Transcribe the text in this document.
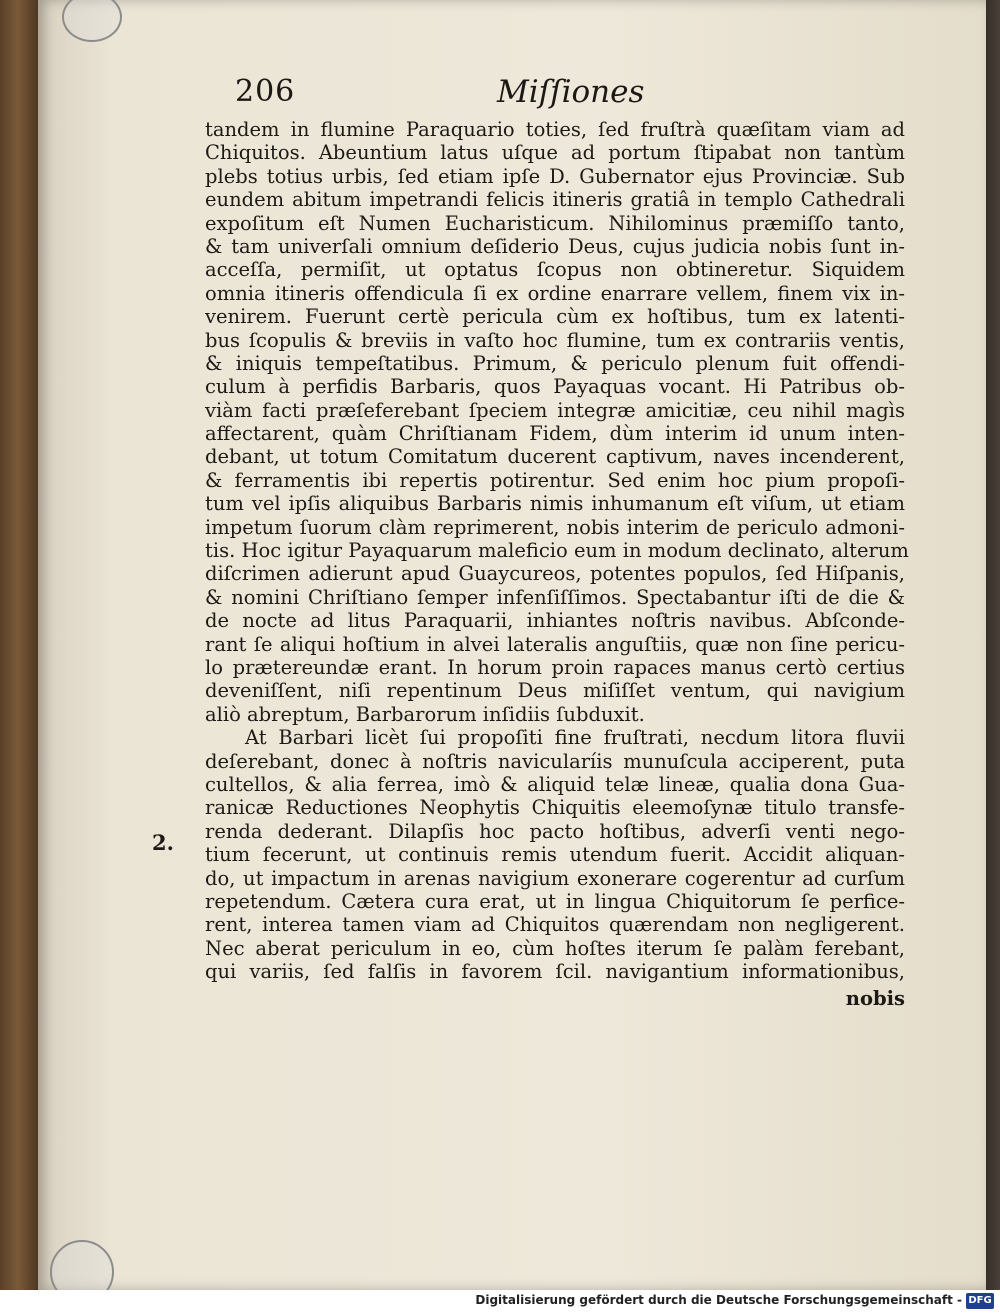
206	Miſſiones
2.
tandem in flumine Paraquario toties, ſed fruſtrà quæſitam viam ad
Chiquitos. Abeuntium latus uſque ad portum ſtipabat non tantùm
plebs totius urbis, ſed etiam ipſe D. Gubernator ejus Provinciæ. Sub
eundem abitum impetrandi felicis itineris gratiâ in templo Cathedrali
expoſitum eſt Numen Eucharisticum. Nihilominus præmiſſo tanto,
& tam univerſali omnium deſiderio Deus, cujus judicia nobis ſunt in-
acceſſa, permiſit, ut optatus ſcopus non obtineretur. Siquidem
omnia itineris offendicula ſi ex ordine enarrare vellem, finem vix in-
venirem. Fuerunt certè pericula cùm ex hoſtibus, tum ex latenti-
bus ſcopulis & breviis in vaſto hoc flumine, tum ex contrariis ventis,
& iniquis tempeſtatibus. Primum, & periculo plenum fuit offendi-
culum à perfidis Barbaris, quos Payaquas vocant. Hi Patribus ob-
viàm facti præſeferebant ſpeciem integræ amicitiæ, ceu nihil magìs
affectarent, quàm Chriſtianam Fidem, dùm interim id unum inten-
debant, ut totum Comitatum ducerent captivum, naves incenderent,
& ferramentis ibi repertis potirentur. Sed enim hoc pium propoſi-
tum vel ipſis aliquibus Barbaris nimis inhumanum eſt viſum, ut etiam
impetum ſuorum clàm reprimerent, nobis interim de periculo admoni-
tis. Hoc igitur Payaquarum maleficio eum in modum declinato, alterum
diſcrimen adierunt apud Guaycureos, potentes populos, ſed Hiſpanis,
& nomini Chriſtiano ſemper infenſiſſimos. Spectabantur iſti de die &
de nocte ad litus Paraquarii, inhiantes noſtris navibus. Abſconde-
rant ſe aliqui hoſtium in alvei lateralis anguſtiis, quæ non ſine pericu-
lo prætereundæ erant. In horum proin rapaces manus certò certius
deveniſſent, niſi repentinum Deus miſiſſet ventum, qui navigium
aliò abreptum, Barbarorum inſidiis ſubduxit.
At Barbari licèt ſui propoſiti fine fruſtrati, necdum litora fluvii
deſerebant, donec à noſtris navicularíis munuſcula acciperent, puta
cultellos, & alia ferrea, imò & aliquid telæ lineæ, qualia dona Gua-
ranicæ Reductiones Neophytis Chiquitis eleemoſynæ titulo transfe-
renda dederant. Dilapſis hoc pacto hoſtibus, adverſi venti nego-
tium fecerunt, ut continuis remis utendum fuerit. Accidit aliquan-
do, ut impactum in arenas navigium exonerare cogerentur ad curſum
repetendum. Cætera cura erat, ut in lingua Chiquitorum ſe perfice-
rent, interea tamen viam ad Chiquitos quærendam non negligerent.
Nec aberat periculum in eo, cùm hoſtes iterum ſe palàm ferebant,
qui variis, ſed falſis in favorem ſcil. navigantium informationibus,
nobis
Digitalisierung gefördert durch die Deutsche Forschungsgemeinschaft - DFG
